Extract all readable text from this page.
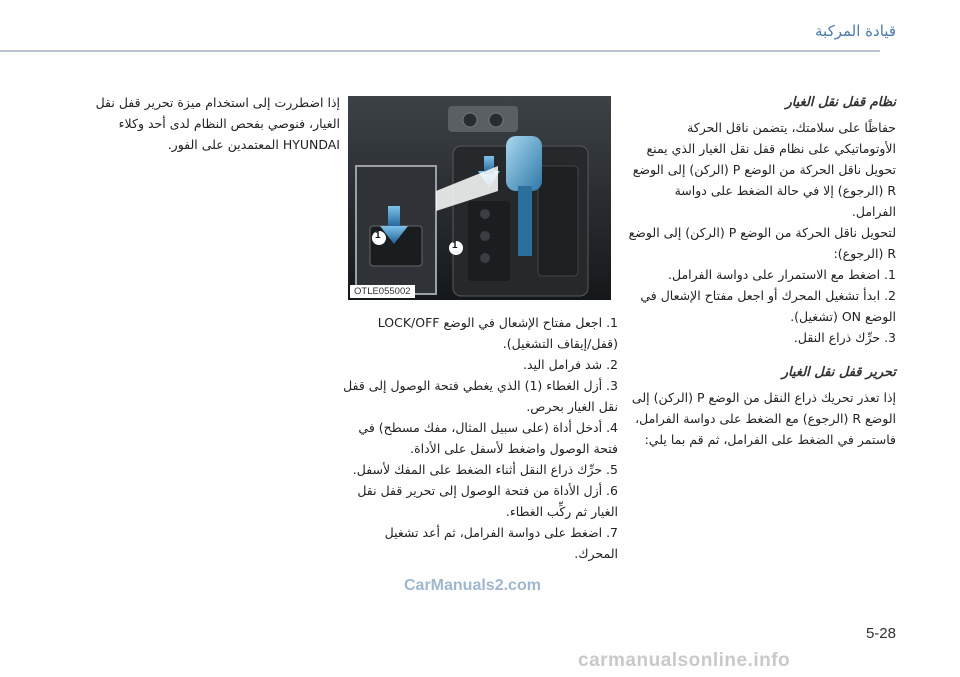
قيادة المركبة
نظام قفل نقل الغيار

حفاظًا على سلامتك، يتضمن ناقل الحركة الأوتوماتيكي على نظام قفل نقل الغيار الذي يمنع تحويل ناقل الحركة من الوضع P (الركن) إلى الوضع R (الرجوع) إلا في حالة الضغط على دواسة الفرامل.

لتحويل ناقل الحركة من الوضع P (الركن) إلى الوضع R (الرجوع):

1. اضغط مع الاستمرار على دواسة الفرامل.
2. ابدأ تشغيل المحرك أو اجعل مفتاح الإشعال في الوضع ON (تشغيل).
3. حرِّك ذراع النقل.
تحرير قفل نقل الغيار

إذا تعذر تحريك ذراع النقل من الوضع P (الركن) إلى الوضع R (الرجوع) مع الضغط على دواسة الفرامل، فاستمر في الضغط على الفرامل، ثم قم بما يلي:

1
1
OTLE055002
1. اجعل مفتاح الإشعال في الوضع LOCK/OFF (قفل/إيقاف التشغيل).
2. شد فرامل اليد.
3. أزل الغطاء (1) الذي يغطي فتحة الوصول إلى قفل نقل الغيار بحرص.
4. أدخل أداة (على سبيل المثال، مفك مسطح) في فتحة الوصول واضغط لأسفل على الأداة.
5. حرِّك ذراع النقل أثناء الضغط على المفك لأسفل.
6. أزل الأداة من فتحة الوصول إلى تحرير قفل نقل الغيار ثم ركِّب الغطاء.
7. اضغط على دواسة الفرامل، ثم أعد تشغيل المحرك.

إذا اضطررت إلى استخدام ميزة تحرير قفل نقل الغيار، فنوصي بفحص النظام لدى أحد وكلاء HYUNDAI المعتمدين على الفور.

CarManuals2.com
5-28
carmanualsonline.info
